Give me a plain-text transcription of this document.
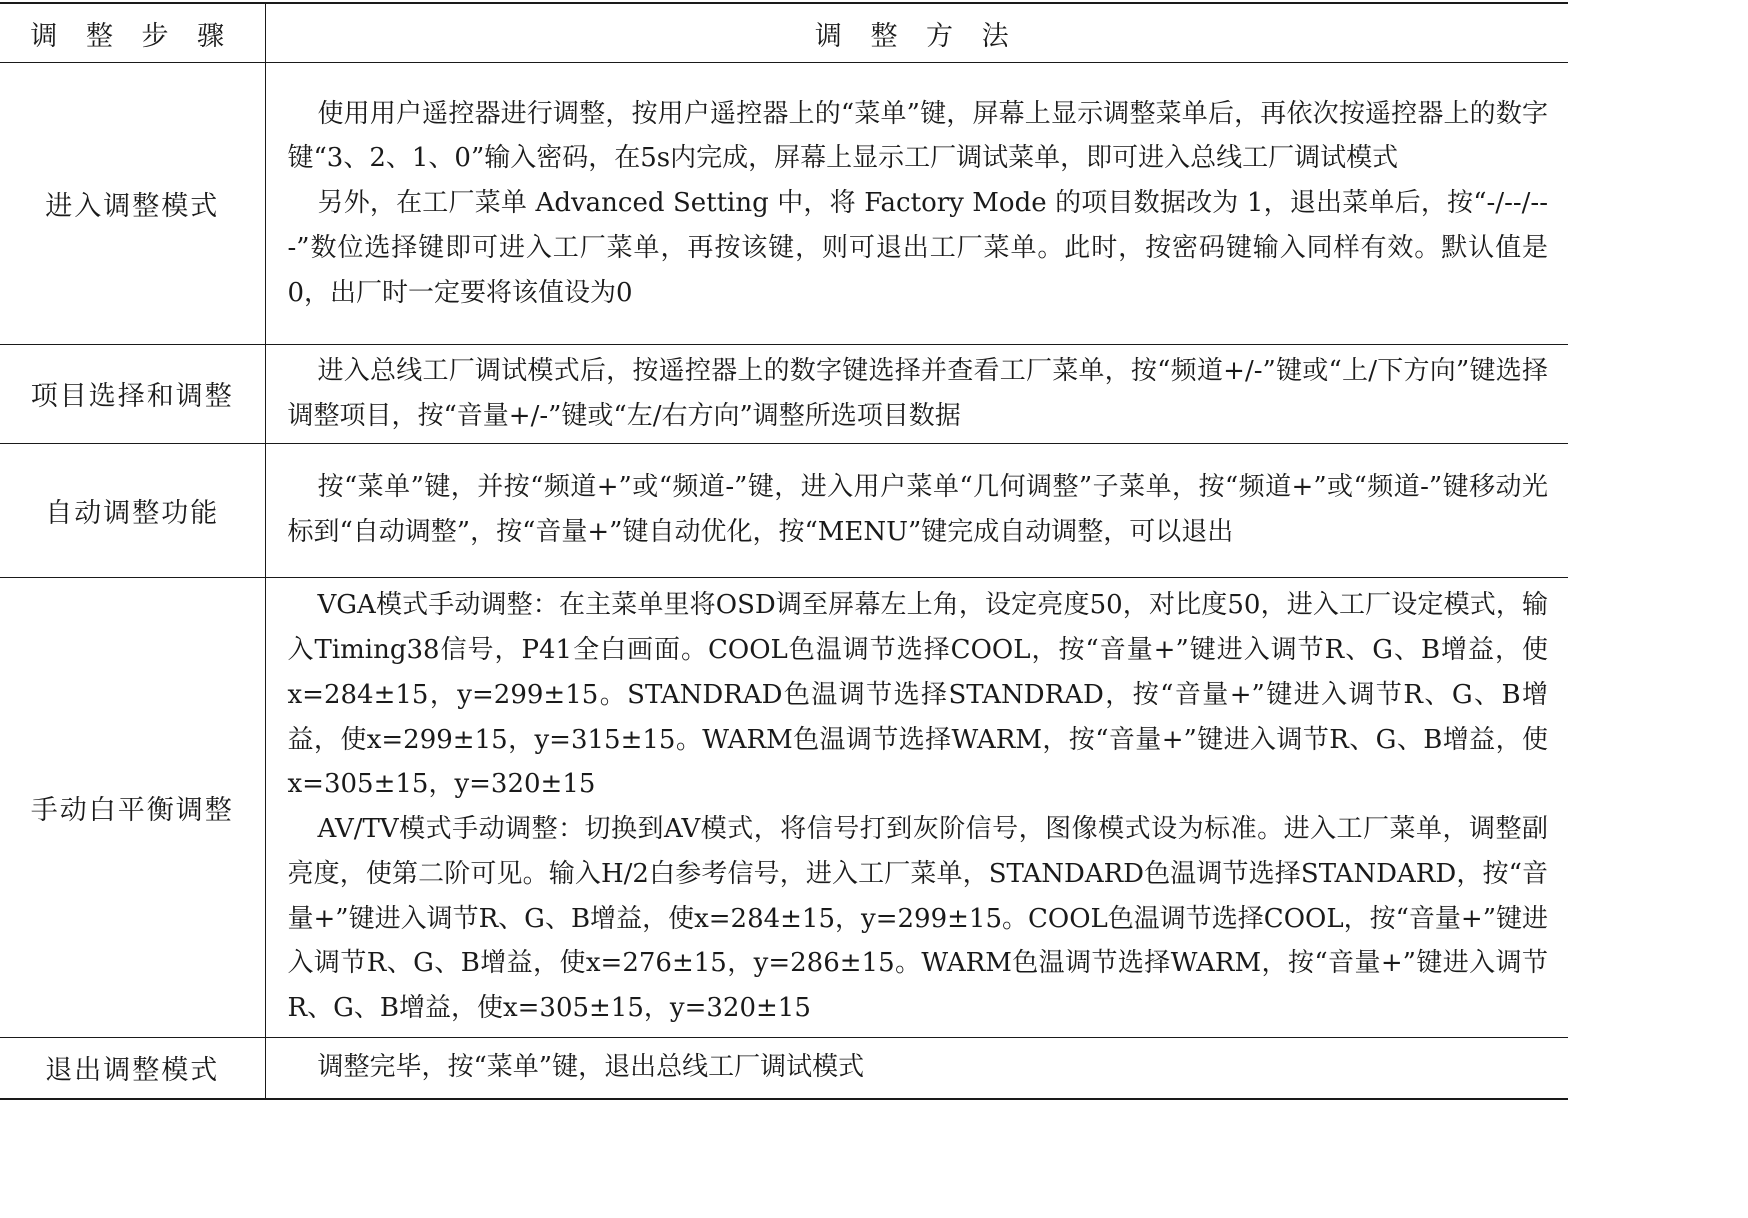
调 整 步 骤	调 整 方 法
进入调整模式	使用用户遥控器进行调整，按用户遥控器上的“菜单”键，屏幕上显示调整菜单后，再依次按遥控器上的数字键“3、2、1、0”输入密码，在5s内完成，屏幕上显示工厂调试菜单，即可进入总线工厂调试模式

另外，在工厂菜单 Advanced Setting 中，将 Factory Mode 的项目数据改为 1，退出菜单后，按“-/--/---”数位选择键即可进入工厂菜单，再按该键，则可退出工厂菜单。此时，按密码键输入同样有效。默认值是0，出厂时一定要将该值设为0

项目选择和调整	进入总线工厂调试模式后，按遥控器上的数字键选择并查看工厂菜单，按“频道+/-”键或“上/下方向”键选择调整项目，按“音量+/-”键或“左/右方向”调整所选项目数据

自动调整功能	按“菜单”键，并按“频道+”或“频道-”键，进入用户菜单“几何调整”子菜单，按“频道+”或“频道-”键移动光标到“自动调整”，按“音量+”键自动优化，按“MENU”键完成自动调整，可以退出

手动白平衡调整	VGA模式手动调整：在主菜单里将OSD调至屏幕左上角，设定亮度50，对比度50，进入工厂设定模式，输入Timing38信号，P41全白画面。COOL色温调节选择COOL，按“音量+”键进入调节R、G、B增益，使x=284±15，y=299±15。STANDRAD色温调节选择STANDRAD，按“音量+”键进入调节R、G、B增益，使x=299±15，y=315±15。WARM色温调节选择WARM，按“音量+”键进入调节R、G、B增益，使x=305±15，y=320±15

AV/TV模式手动调整：切换到AV模式，将信号打到灰阶信号，图像模式设为标准。进入工厂菜单，调整副亮度，使第二阶可见。输入H/2白参考信号，进入工厂菜单，STANDARD色温调节选择STANDARD，按“音量+”键进入调节R、G、B增益，使x=284±15，y=299±15。COOL色温调节选择COOL，按“音量+”键进入调节R、G、B增益，使x=276±15，y=286±15。WARM色温调节选择WARM，按“音量+”键进入调节R、G、B增益，使x=305±15，y=320±15

退出调整模式	调整完毕，按“菜单”键，退出总线工厂调试模式
